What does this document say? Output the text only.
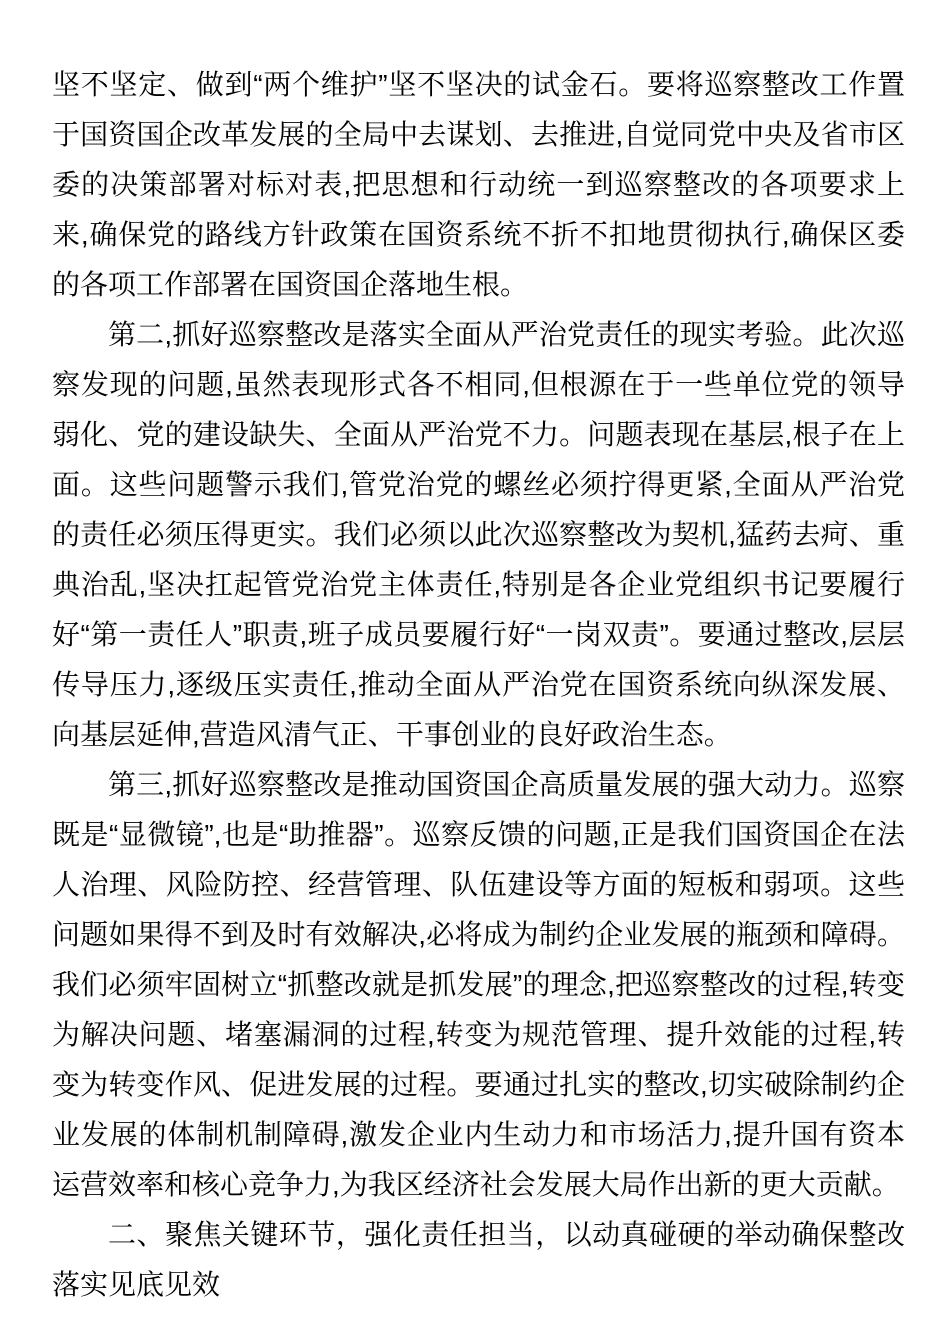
坚不坚定、做到“两个维护”坚不坚决的试金石。要将巡察整改工作置于国资国企改革发展的全局中去谋划、去推进,自觉同党中央及省市区委的决策部署对标对表,把思想和行动统一到巡察整改的各项要求上来,确保党的路线方针政策在国资系统不折不扣地贯彻执行,确保区委的各项工作部署在国资国企落地生根。

第二,抓好巡察整改是落实全面从严治党责任的现实考验。此次巡察发现的问题,虽然表现形式各不相同,但根源在于一些单位党的领导弱化、党的建设缺失、全面从严治党不力。问题表现在基层,根子在上面。这些问题警示我们,管党治党的螺丝必须拧得更紧,全面从严治党的责任必须压得更实。我们必须以此次巡察整改为契机,猛药去疴、重典治乱,坚决扛起管党治党主体责任,特别是各企业党组织书记要履行好“第一责任人”职责,班子成员要履行好“一岗双责”。要通过整改,层层传导压力,逐级压实责任,推动全面从严治党在国资系统向纵深发展、向基层延伸,营造风清气正、干事创业的良好政治生态。

第三,抓好巡察整改是推动国资国企高质量发展的强大动力。巡察既是“显微镜”,也是“助推器”。巡察反馈的问题,正是我们国资国企在法人治理、风险防控、经营管理、队伍建设等方面的短板和弱项。这些问题如果得不到及时有效解决,必将成为制约企业发展的瓶颈和障碍。我们必须牢固树立“抓整改就是抓发展”的理念,把巡察整改的过程,转变为解决问题、堵塞漏洞的过程,转变为规范管理、提升效能的过程,转变为转变作风、促进发展的过程。要通过扎实的整改,切实破除制约企业发展的体制机制障碍,激发企业内生动力和市场活力,提升国有资本运营效率和核心竞争力,为我区经济社会发展大局作出新的更大贡献。

二、聚焦关键环节，强化责任担当，以动真碰硬的举动确保整改落实见底见效
